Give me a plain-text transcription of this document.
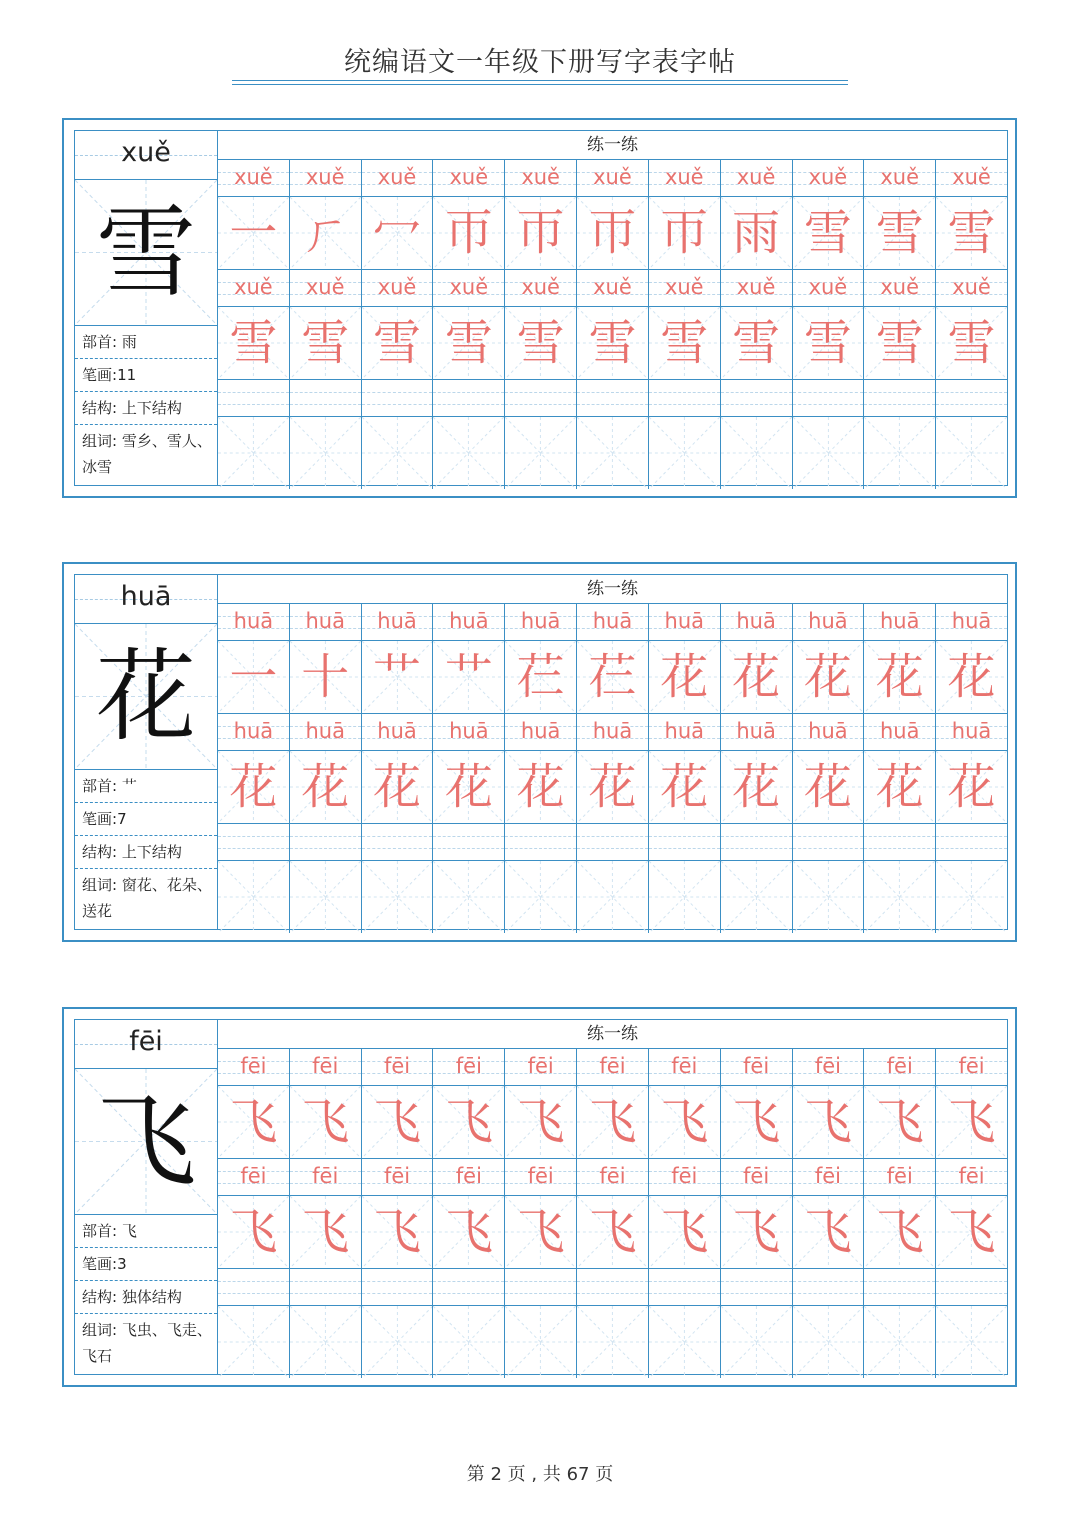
统编语文一年级下册写字表字帖
xuě
雪
部首: 雨
笔画:11
结构: 上下结构
组词: 雪乡、雪人、冰雪
练一练
xuě	xuě	xuě	xuě	xuě	xuě	xuě	xuě	xuě	xuě	xuě
一 ㄏ 冖 帀 帀 帀 帀 雨 雪 雪 雪
xuě	xuě	xuě	xuě	xuě	xuě	xuě	xuě	xuě	xuě	xuě
雪 雪 雪 雪 雪 雪 雪 雪 雪 雪 雪
huā
花
部首: 艹
笔画:7
结构: 上下结构
组词: 窗花、花朵、送花
练一练
huā	huā	huā	huā	huā	huā	huā	huā	huā	huā	huā
一 十 艹 艹 芢 芢 花 花 花 花 花
huā	huā	huā	huā	huā	huā	huā	huā	huā	huā	huā
花 花 花 花 花 花 花 花 花 花 花
fēi
飞
部首: 飞
笔画:3
结构: 独体结构
组词: 飞虫、飞走、飞石
练一练
fēi	fēi	fēi	fēi	fēi	fēi	fēi	fēi	fēi	fēi	fēi
飞 飞 飞 飞 飞 飞 飞 飞 飞 飞 飞
fēi	fēi	fēi	fēi	fēi	fēi	fēi	fēi	fēi	fēi	fēi
飞 飞 飞 飞 飞 飞 飞 飞 飞 飞 飞
第 2 页 , 共 67 页
